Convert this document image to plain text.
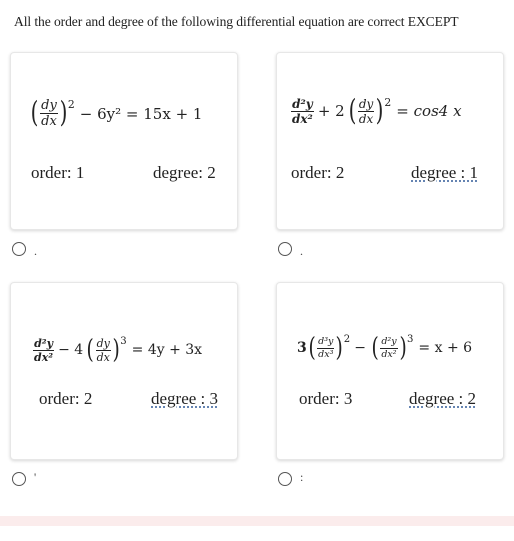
All the order and degree of the following differential equation are correct EXCEPT
( $\frac{dy}{dx}$ ) 2
− 6y² = 15x + 1
order: 1	degree: 2
.
$\frac{\text{d²y}}{\text{dx²}} + 2$ ( $\frac{dy}{dx}$ ) 2
= cos4 x
order: 2	degree : 1
.
$\frac{\text{d²y}}{\text{dx²}} - 4$ ( $\frac{dy}{dx}$ ) 3
= 4y + 3x
order: 2	degree : 3
'
3 ( $\frac{\text{d³y}}{\text{dx³}}$ ) 2
− ( $\frac{\text{d²y}}{\text{dx²}}$ ) 3
= x + 6
order: 3	degree : 2
:
